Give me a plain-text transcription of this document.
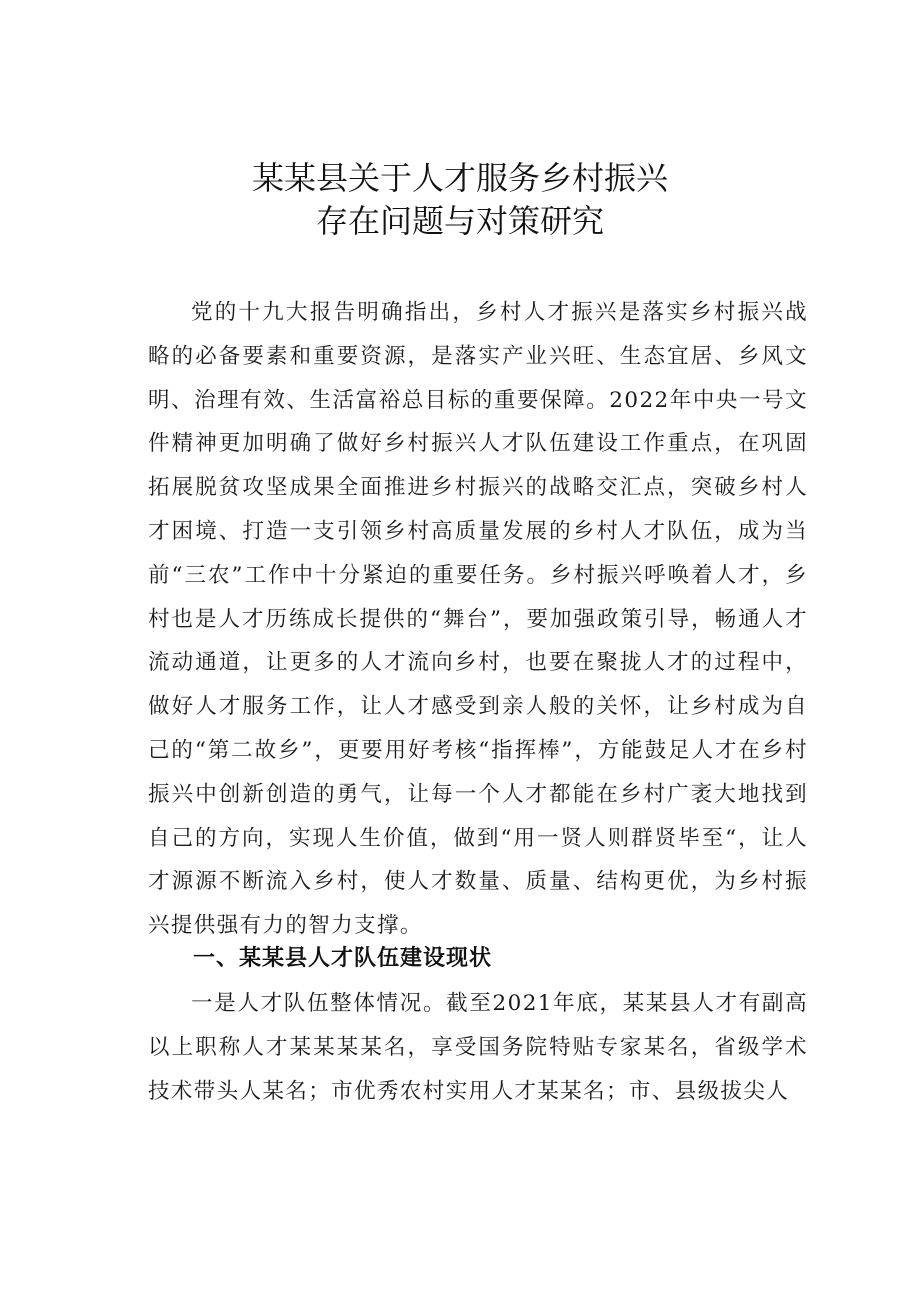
某某县关于人才服务乡村振兴
存在问题与对策研究
党的十九大报告明确指出，乡村人才振兴是落实乡村振兴战略的必备要素和重要资源，是落实产业兴旺、生态宜居、乡风文明、治理有效、生活富裕总目标的重要保障。2022年中央一号文件精神更加明确了做好乡村振兴人才队伍建设工作重点，在巩固拓展脱贫攻坚成果全面推进乡村振兴的战略交汇点，突破乡村人才困境、打造一支引领乡村高质量发展的乡村人才队伍，成为当前“三农”工作中十分紧迫的重要任务。乡村振兴呼唤着人才，乡村也是人才历练成长提供的“舞台”，要加强政策引导，畅通人才流动通道，让更多的人才流向乡村，也要在聚拢人才的过程中，做好人才服务工作，让人才感受到亲人般的关怀，让乡村成为自己的“第二故乡”，更要用好考核“指挥棒”，方能鼓足人才在乡村振兴中创新创造的勇气，让每一个人才都能在乡村广袤大地找到自己的方向，实现人生价值，做到“用一贤人则群贤毕至“，让人才源源不断流入乡村，使人才数量、质量、结构更优，为乡村振兴提供强有力的智力支撑。
一、某某县人才队伍建设现状
一是人才队伍整体情况。截至2021年底，某某县人才有副高以上职称人才某某某某名，享受国务院特贴专家某名，省级学术技术带头人某名；市优秀农村实用人才某某名；市、县级拔尖人
